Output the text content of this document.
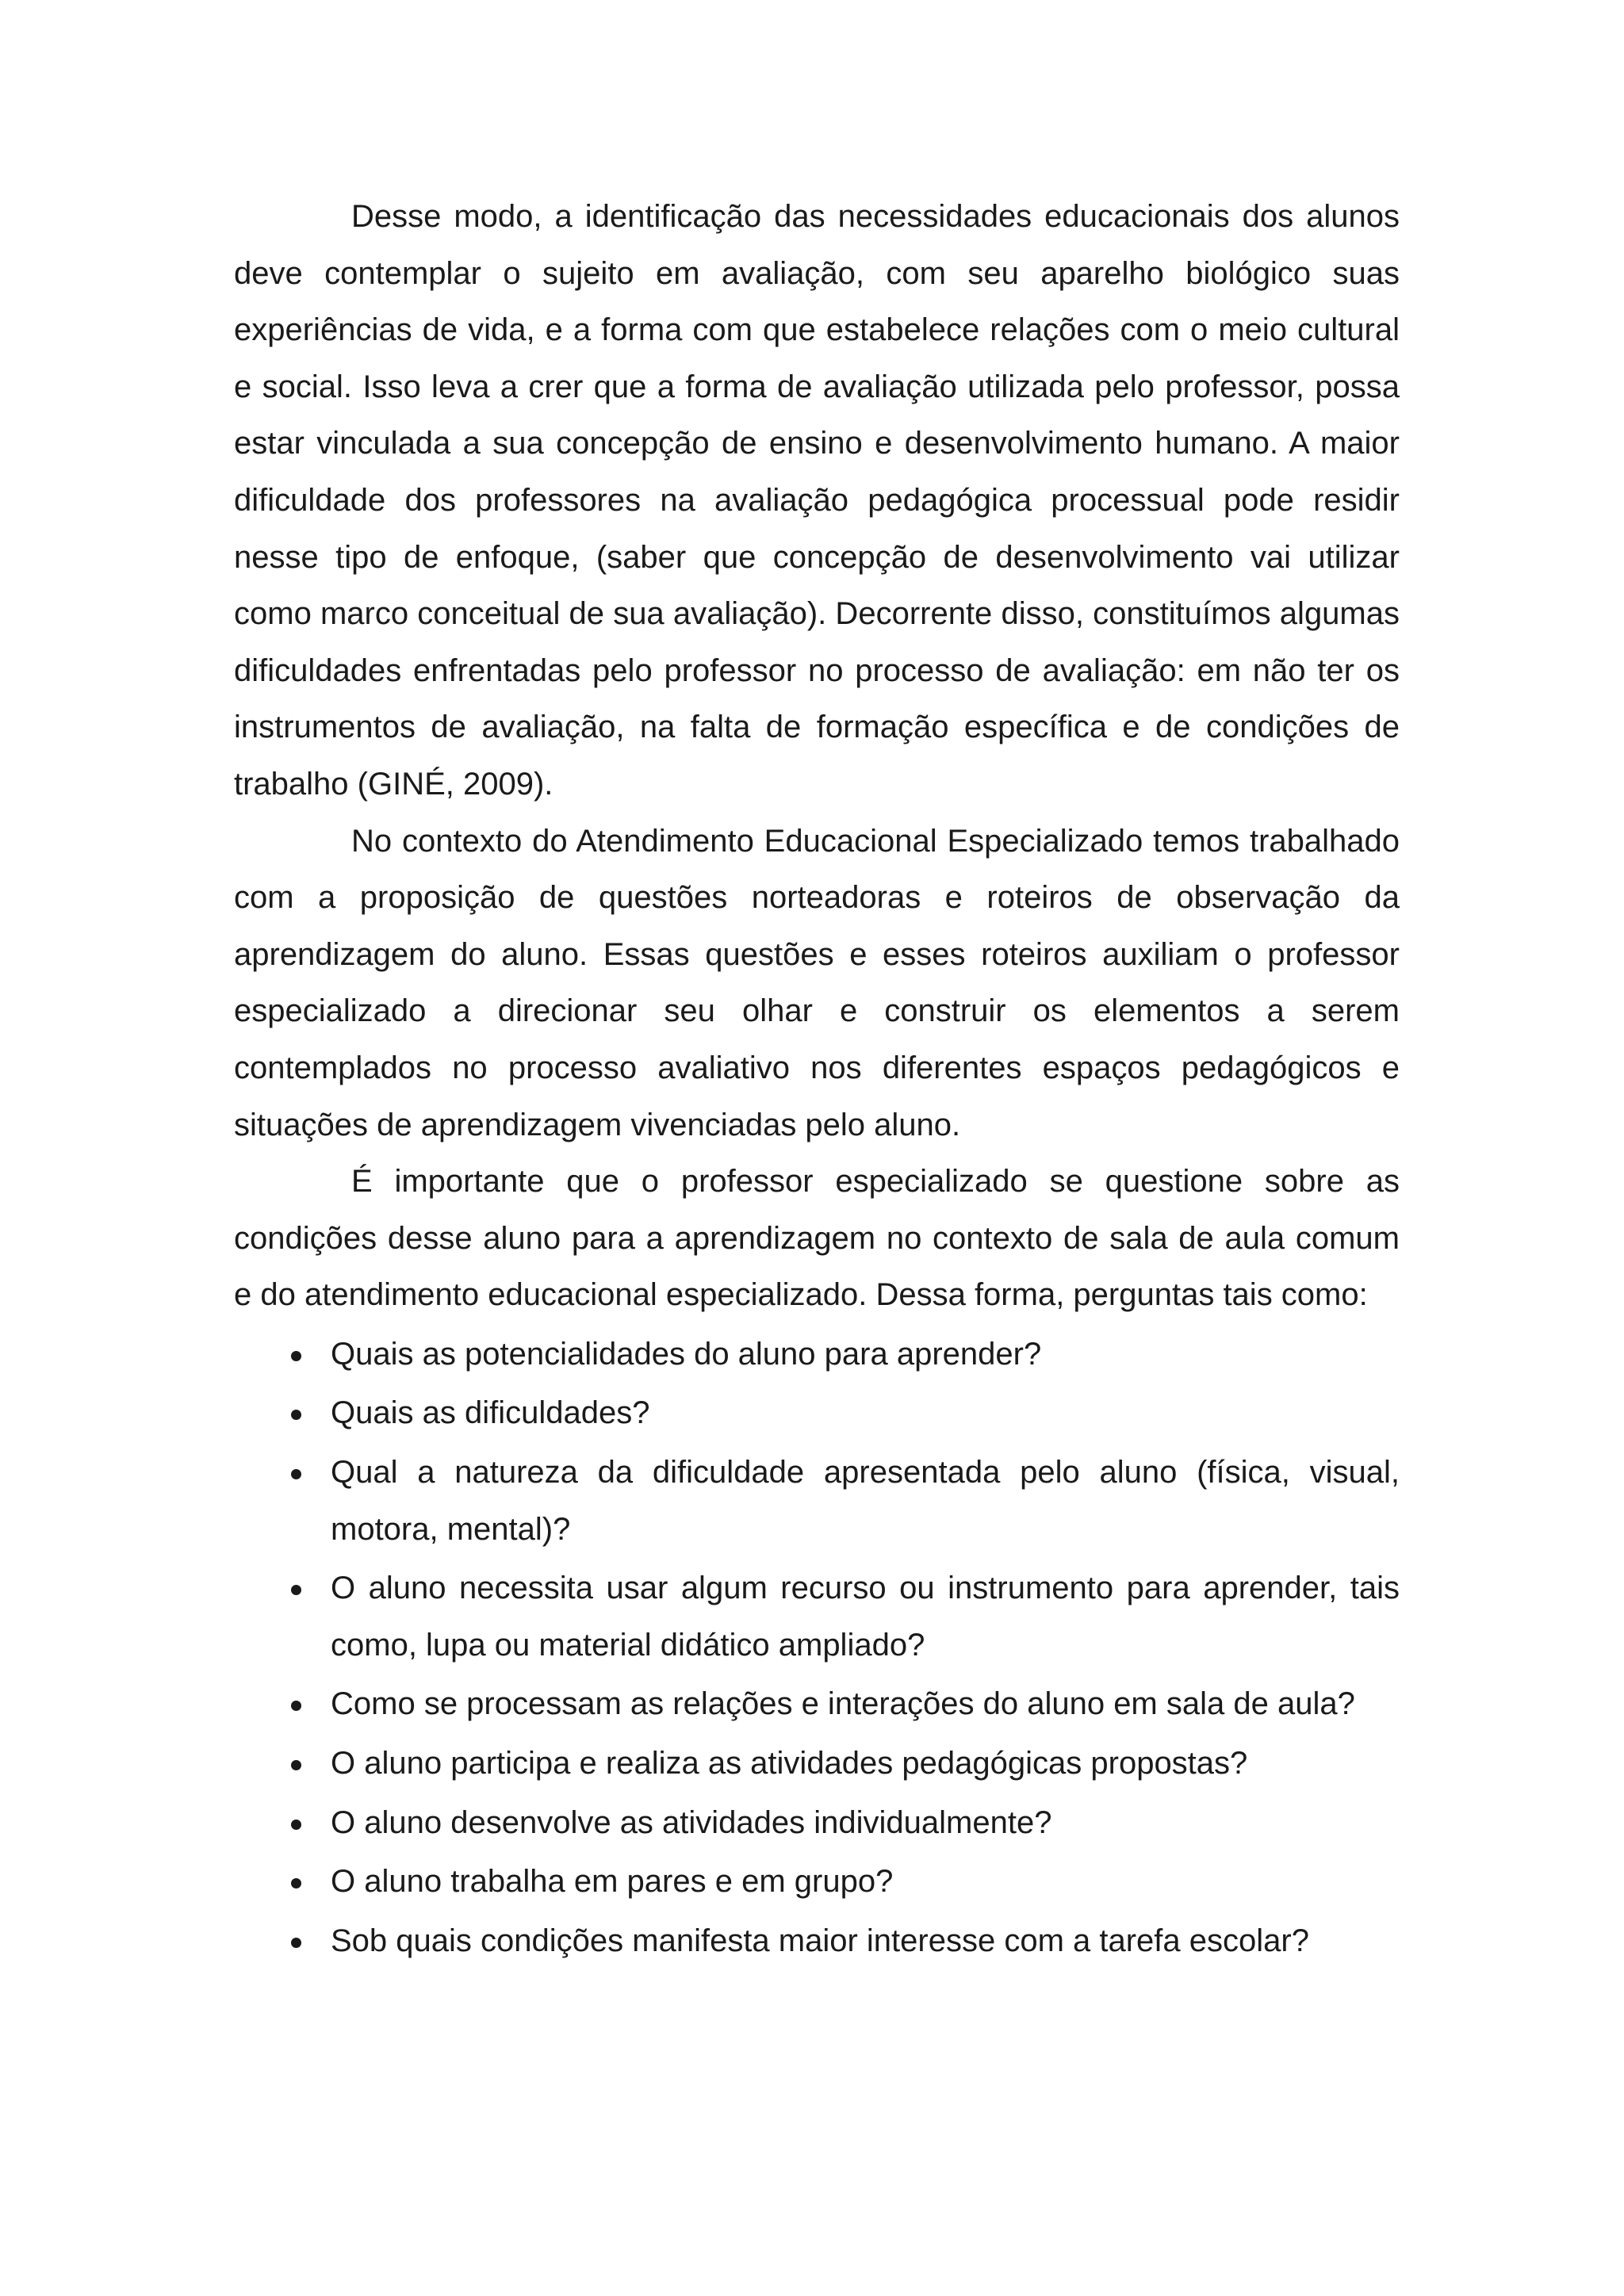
Desse modo, a identificação das necessidades educacionais dos alunos deve contemplar o sujeito em avaliação, com seu aparelho biológico suas experiências de vida, e a forma com que estabelece relações com o meio cultural e social. Isso leva a crer que a forma de avaliação utilizada pelo professor, possa estar vinculada a sua concepção de ensino e desenvolvimento humano. A maior dificuldade dos professores na avaliação pedagógica processual pode residir nesse tipo de enfoque, (saber que concepção de desenvolvimento vai utilizar como marco conceitual de sua avaliação). Decorrente disso, constituímos algumas dificuldades enfrentadas pelo professor no processo de avaliação: em não ter os instrumentos de avaliação, na falta de formação específica e de condições de trabalho (GINÉ, 2009).

No contexto do Atendimento Educacional Especializado temos trabalhado com a proposição de questões norteadoras e roteiros de observação da aprendizagem do aluno. Essas questões e esses roteiros auxiliam o professor especializado a direcionar seu olhar e construir os elementos a serem contemplados no processo avaliativo nos diferentes espaços pedagógicos e situações de aprendizagem vivenciadas pelo aluno.

É importante que o professor especializado se questione sobre as condições desse aluno para a aprendizagem no contexto de sala de aula comum e do atendimento educacional especializado. Dessa forma, perguntas tais como:

Quais as potencialidades do aluno para aprender?
Quais as dificuldades?
Qual a natureza da dificuldade apresentada pelo aluno (física, visual, motora, mental)?
O aluno necessita usar algum recurso ou instrumento para aprender, tais como, lupa ou material didático ampliado?
Como se processam as relações e interações do aluno em sala de aula?
O aluno participa e realiza as atividades pedagógicas propostas?
O aluno desenvolve as atividades individualmente?
O aluno trabalha em pares e em grupo?
Sob quais condições manifesta maior interesse com a tarefa escolar?
